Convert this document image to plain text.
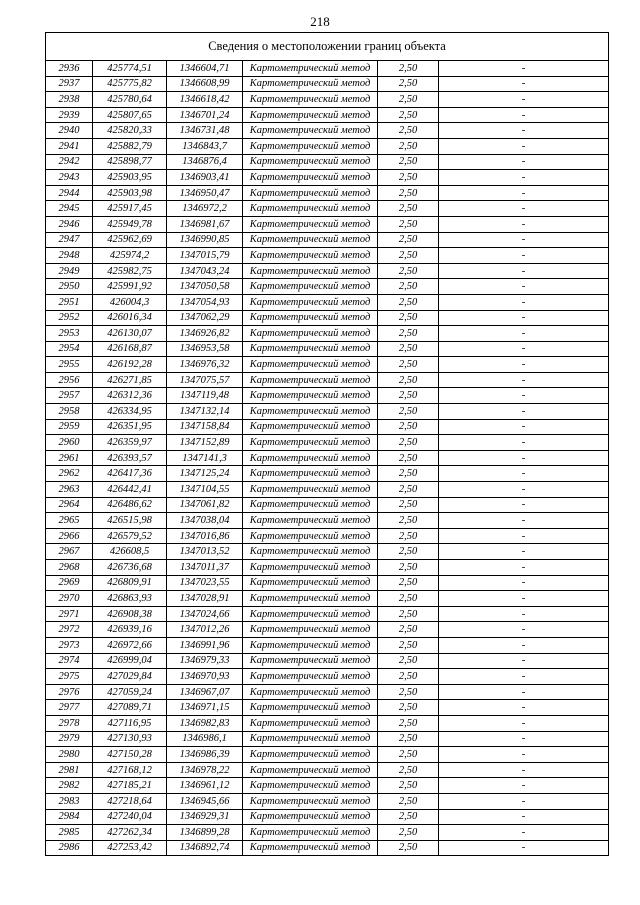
218
Сведения о местоположении границ объекта					
2936	425774,51	1346604,71	Картометрический метод	2,50	-
2937	425775,82	1346608,99	Картометрический метод	2,50	-
2938	425780,64	1346618,42	Картометрический метод	2,50	-
2939	425807,65	1346701,24	Картометрический метод	2,50	-
2940	425820,33	1346731,48	Картометрический метод	2,50	-
2941	425882,79	1346843,7	Картометрический метод	2,50	-
2942	425898,77	1346876,4	Картометрический метод	2,50	-
2943	425903,95	1346903,41	Картометрический метод	2,50	-
2944	425903,98	1346950,47	Картометрический метод	2,50	-
2945	425917,45	1346972,2	Картометрический метод	2,50	-
2946	425949,78	1346981,67	Картометрический метод	2,50	-
2947	425962,69	1346990,85	Картометрический метод	2,50	-
2948	425974,2	1347015,79	Картометрический метод	2,50	-
2949	425982,75	1347043,24	Картометрический метод	2,50	-
2950	425991,92	1347050,58	Картометрический метод	2,50	-
2951	426004,3	1347054,93	Картометрический метод	2,50	-
2952	426016,34	1347062,29	Картометрический метод	2,50	-
2953	426130,07	1346926,82	Картометрический метод	2,50	-
2954	426168,87	1346953,58	Картометрический метод	2,50	-
2955	426192,28	1346976,32	Картометрический метод	2,50	-
2956	426271,85	1347075,57	Картометрический метод	2,50	-
2957	426312,36	1347119,48	Картометрический метод	2,50	-
2958	426334,95	1347132,14	Картометрический метод	2,50	-
2959	426351,95	1347158,84	Картометрический метод	2,50	-
2960	426359,97	1347152,89	Картометрический метод	2,50	-
2961	426393,57	1347141,3	Картометрический метод	2,50	-
2962	426417,36	1347125,24	Картометрический метод	2,50	-
2963	426442,41	1347104,55	Картометрический метод	2,50	-
2964	426486,62	1347061,82	Картометрический метод	2,50	-
2965	426515,98	1347038,04	Картометрический метод	2,50	-
2966	426579,52	1347016,86	Картометрический метод	2,50	-
2967	426608,5	1347013,52	Картометрический метод	2,50	-
2968	426736,68	1347011,37	Картометрический метод	2,50	-
2969	426809,91	1347023,55	Картометрический метод	2,50	-
2970	426863,93	1347028,91	Картометрический метод	2,50	-
2971	426908,38	1347024,66	Картометрический метод	2,50	-
2972	426939,16	1347012,26	Картометрический метод	2,50	-
2973	426972,66	1346991,96	Картометрический метод	2,50	-
2974	426999,04	1346979,33	Картометрический метод	2,50	-
2975	427029,84	1346970,93	Картометрический метод	2,50	-
2976	427059,24	1346967,07	Картометрический метод	2,50	-
2977	427089,71	1346971,15	Картометрический метод	2,50	-
2978	427116,95	1346982,83	Картометрический метод	2,50	-
2979	427130,93	1346986,1	Картометрический метод	2,50	-
2980	427150,28	1346986,39	Картометрический метод	2,50	-
2981	427168,12	1346978,22	Картометрический метод	2,50	-
2982	427185,21	1346961,12	Картометрический метод	2,50	-
2983	427218,64	1346945,66	Картометрический метод	2,50	-
2984	427240,04	1346929,31	Картометрический метод	2,50	-
2985	427262,34	1346899,28	Картометрический метод	2,50	-
2986	427253,42	1346892,74	Картометрический метод	2,50	-
